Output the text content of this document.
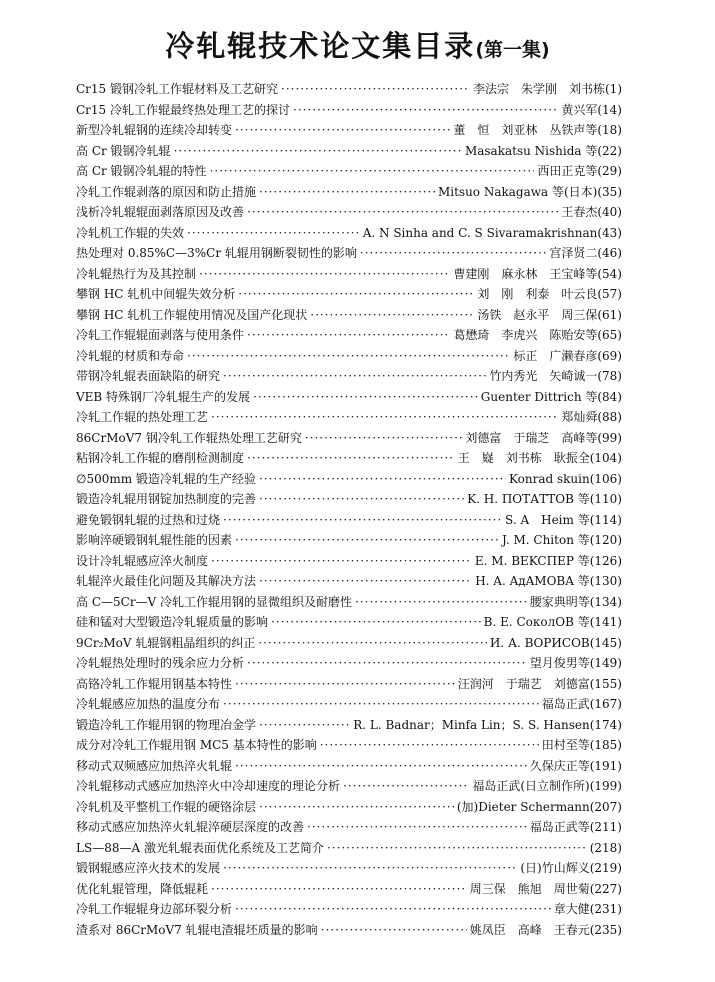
冷轧辊技术论文集目录(第一集)
Cr15 锻钢冷轧工作辊材料及工艺研究 ·····	李法宗　朱学刚　刘书栋(1)
Cr15 冷轧工作辊最终热处理工艺的探讨 ·····	黄兴军(14)
新型冷轧辊钢的连续冷却转变 ·····	董　恒　刘亚林　丛铁声等(18)
高 Cr 锻钢冷轧辊 ·····	Masakatsu Nishida 等(22)
高 Cr 锻钢冷轧辊的特性 ·····	西田正克等(29)
冷轧工作辊剥落的原因和防止措施 ·····	Mitsuo Nakagawa 等(日本)(35)
浅析冷轧辊辊面剥落原因及改善 ·····	王春杰(40)
冷轧机工作辊的失效 ·····	A. N Sinha and C. S Sivaramakrishnan(43)
热处理对 0.85%C—3%Cr 轧辊用钢断裂韧性的影响 ·····	宫泽贤二(46)
冷轧辊热行为及其控制 ·····	曹建刚　麻永林　王宝峰等(54)
攀钢 HC 轧机中间辊失效分析 ·····	刘　刚　利泰　叶云良(57)
攀钢 HC 轧机工作辊使用情况及国产化现状 ·····	汤铁　赵永平　周三保(61)
冷轧工作辊辊面剥落与使用条件 ·····	葛懋琦　李虎兴　陈贻安等(65)
冷轧辊的材质和寿命 ·····	标正　广濑春彦(69)
带钢冷轧辊表面缺陷的研究 ·····	竹内秀光　矢崎诚一(78)
VEB 特殊钢厂冷轧辊生产的发展 ·····	Guenter Dittrich 等(84)
冷轧工作辊的热处理工艺 ·····	郑灿舜(88)
86CrMoV7 钢冷轧工作辊热处理工艺研究 ·····	刘德富　于瑞芝　高峰等(99)
粘钢冷轧工作辊的磨削检测制度 ·····	王　嶷　刘书栋　耿振全(104)
∅500mm 锻造冷轧辊的生产经验 ·····	Konrad skuin(106)
锻造冷轧辊用钢锭加热制度的完善 ·····	K. H. ПОТАТТОВ 等(110)
避免锻钢轧辊的过热和过烧 ·····	S. A　Heim 等(114)
影响淬硬锻钢轧辊性能的因素 ·····	J. M. Chiton 等(120)
设计冷轧辊感应淬火制度 ·····	E. M. BEKCПЕР 等(126)
轧辊淬火最佳化问题及其解决方法 ·····	H. A. AдAMOBA 等(130)
高 C—5Cr—V 冷轧工作辊用钢的显微组织及耐磨性 ·····	腰家典明等(134)
硅和锰对大型锻造冷轧辊质量的影响 ·····	B. E. СоколОВ 等(141)
9Cr₂MoV 轧辊钢粗晶组织的纠正 ·····	И. А. ВОРИСОВ(145)
冷轧辊热处理时的残余应力分析 ·····	望月俊男等(149)
高铬冷轧工作辊用钢基本特性 ·····	汪润河　于瑞艺　刘德富(155)
冷轧辊感应加热的温度分布 ·····	福岛正武(167)
锻造冷轧工作辊用钢的物理冶金学 ·····	R. L. Badnar；Minfa Lin；S. S. Hansen(174)
成分对冷轧工作辊用钢 MC5 基本特性的影响 ·····	田村至等(185)
移动式双频感应加热淬火轧辊 ·····	久保庆正等(191)
冷轧辊移动式感应加热淬火中冷却速度的理论分析 ·····	福岛正武(日立制作所)(199)
冷轧机及平整机工作辊的硬铬涂层 ·····	(加)Dieter Schermann(207)
移动式感应加热淬火轧辊淬硬层深度的改善 ·····	福岛正武等(211)
LS—88—A 激光轧辊表面优化系统及工艺简介 ·····	(218)
锻钢辊感应淬火技术的发展 ·····	(日)竹山辉义(219)
优化轧辊管理，降低辊耗 ·····	周三保　熊旭　周世菊(227)
冷轧工作辊辊身边部环裂分析 ·····	章大健(231)
渣系对 86CrMoV7 轧辊电渣辊坯质量的影响 ·····	姚凤臣　高峰　王春元(235)
